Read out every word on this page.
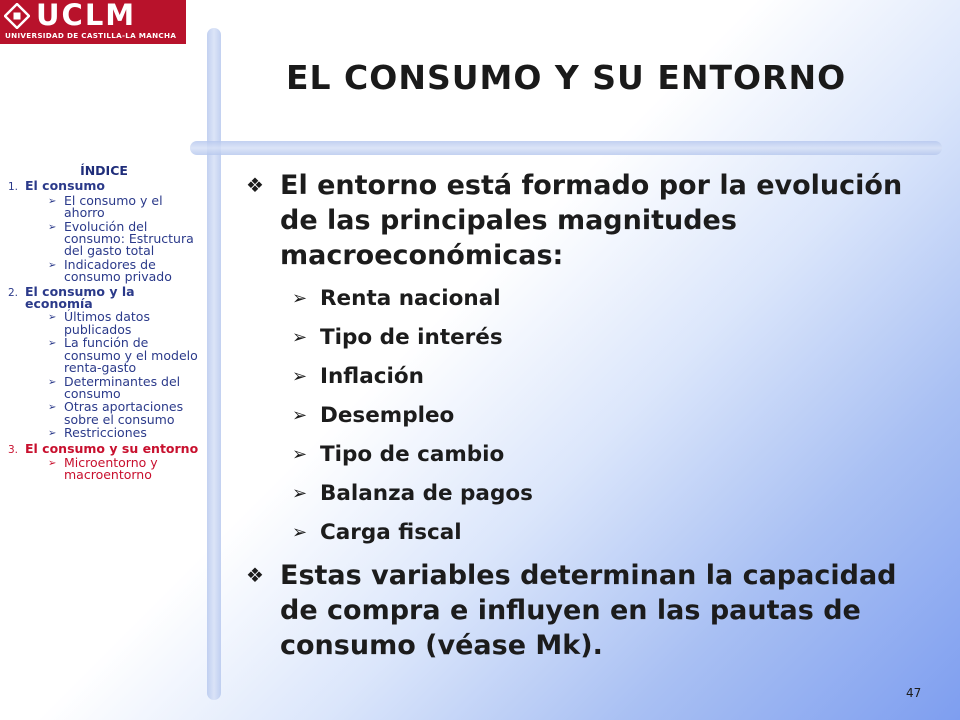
UCLM
UNIVERSIDAD DE CASTILLA-LA MANCHA
EL CONSUMO Y SU ENTORNO
ÍNDICE
1. El consumo
➢ El consumo y el ahorro
➢ Evolución del consumo: Estructura del gasto total
➢ Indicadores de consumo privado
2. El consumo y la economía
➢ Últimos datos publicados
➢ La función de consumo y el modelo renta-gasto
➢ Determinantes del consumo
➢ Otras aportaciones sobre el consumo
➢ Restricciones
3. El consumo y su entorno
➢ Microentorno y macroentorno
❖ El entorno está formado por la evolución de las principales magnitudes macroeconómicas:
➢ Renta nacional
➢ Tipo de interés
➢ Inflación
➢ Desempleo
➢ Tipo de cambio
➢ Balanza de pagos
➢ Carga fiscal
❖ Estas variables determinan la capacidad de compra e influyen en las pautas de consumo (véase Mk).
47
